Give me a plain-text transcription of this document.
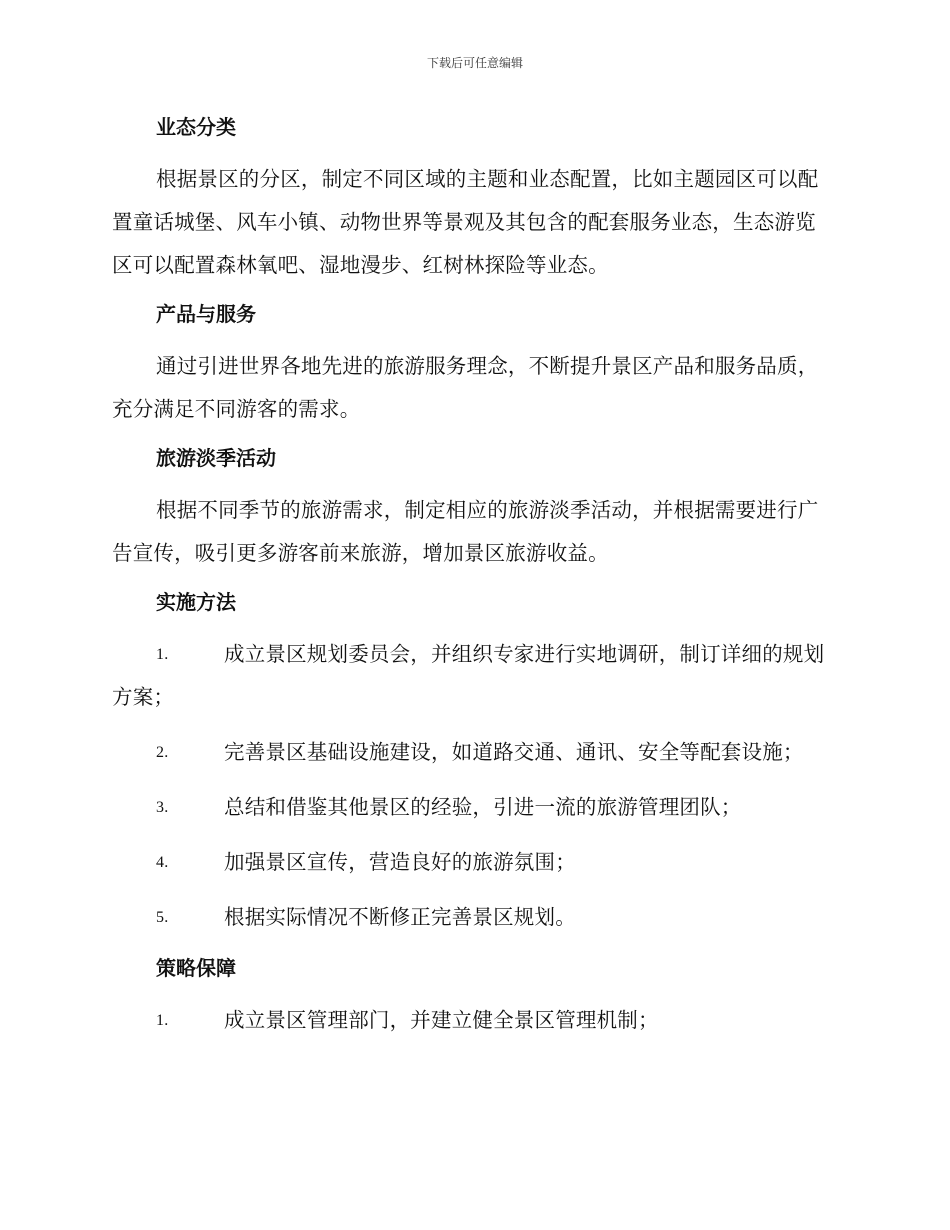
下载后可任意编辑
业态分类

根据景区的分区，制定不同区域的主题和业态配置，比如主题园区可以配置童话城堡、风车小镇、动物世界等景观及其包含的配套服务业态，生态游览区可以配置森林氧吧、湿地漫步、红树林探险等业态。

产品与服务

通过引进世界各地先进的旅游服务理念，不断提升景区产品和服务品质，充分满足不同游客的需求。

旅游淡季活动

根据不同季节的旅游需求，制定相应的旅游淡季活动，并根据需要进行广告宣传，吸引更多游客前来旅游，增加景区旅游收益。

实施方法
1.	成立景区规划委员会，并组织专家进行实地调研，制订详细的规划方案；
2.	完善景区基础设施建设，如道路交通、通讯、安全等配套设施；
3.	总结和借鉴其他景区的经验，引进一流的旅游管理团队；
4.	加强景区宣传，营造良好的旅游氛围；
5.	根据实际情况不断修正完善景区规划。
策略保障
1.	成立景区管理部门，并建立健全景区管理机制；
